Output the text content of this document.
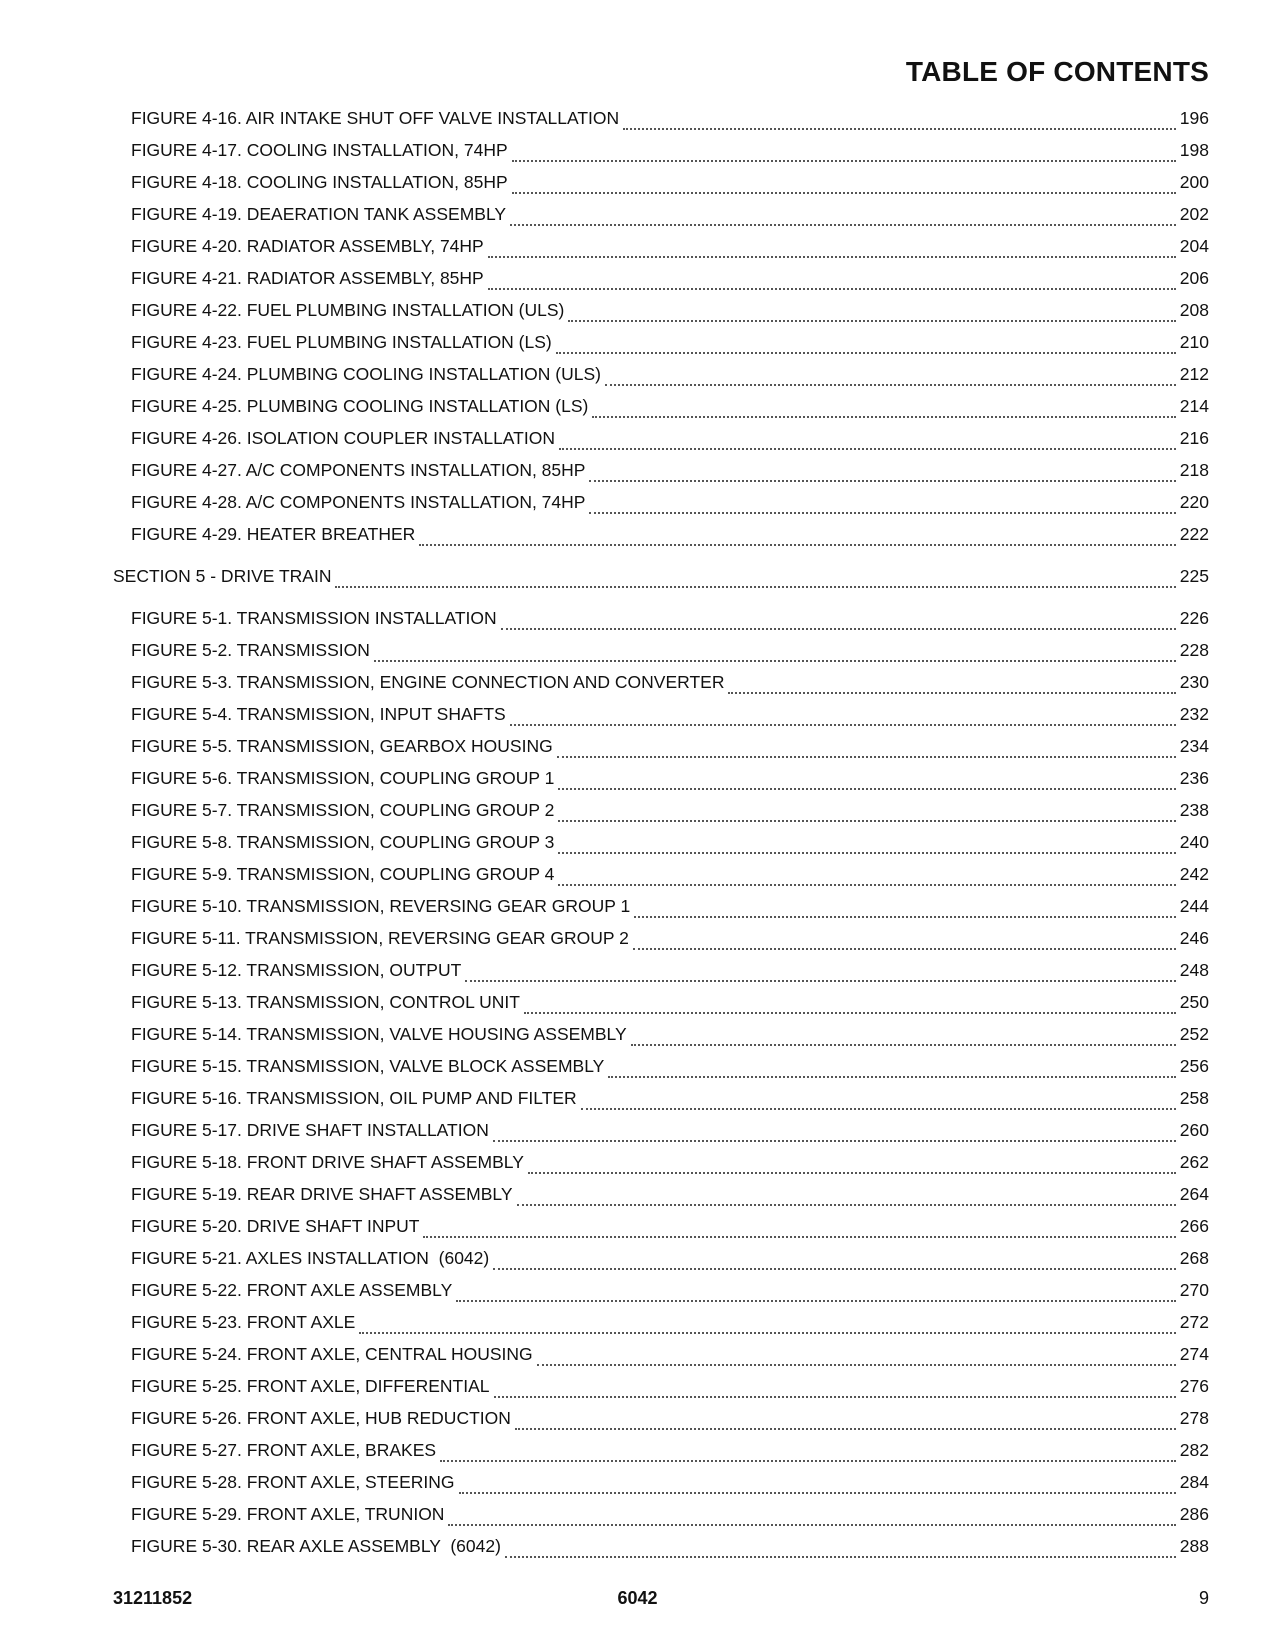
TABLE OF CONTENTS
FIGURE 4-16. AIR INTAKE SHUT OFF VALVE INSTALLATION	196
FIGURE 4-17. COOLING INSTALLATION, 74HP	198
FIGURE 4-18. COOLING INSTALLATION, 85HP	200
FIGURE 4-19. DEAERATION TANK ASSEMBLY	202
FIGURE 4-20. RADIATOR ASSEMBLY, 74HP	204
FIGURE 4-21. RADIATOR ASSEMBLY, 85HP	206
FIGURE 4-22. FUEL PLUMBING INSTALLATION (ULS)	208
FIGURE 4-23. FUEL PLUMBING INSTALLATION (LS)	210
FIGURE 4-24. PLUMBING COOLING INSTALLATION (ULS)	212
FIGURE 4-25. PLUMBING COOLING INSTALLATION (LS)	214
FIGURE 4-26. ISOLATION COUPLER INSTALLATION	216
FIGURE 4-27. A/C COMPONENTS INSTALLATION, 85HP	218
FIGURE 4-28. A/C COMPONENTS INSTALLATION, 74HP	220
FIGURE 4-29. HEATER BREATHER	222
SECTION 5 - DRIVE TRAIN	225
FIGURE 5-1. TRANSMISSION INSTALLATION	226
FIGURE 5-2. TRANSMISSION	228
FIGURE 5-3. TRANSMISSION, ENGINE CONNECTION AND CONVERTER	230
FIGURE 5-4. TRANSMISSION, INPUT SHAFTS	232
FIGURE 5-5. TRANSMISSION, GEARBOX HOUSING	234
FIGURE 5-6. TRANSMISSION, COUPLING GROUP 1	236
FIGURE 5-7. TRANSMISSION, COUPLING GROUP 2	238
FIGURE 5-8. TRANSMISSION, COUPLING GROUP 3	240
FIGURE 5-9. TRANSMISSION, COUPLING GROUP 4	242
FIGURE 5-10. TRANSMISSION, REVERSING GEAR GROUP 1	244
FIGURE 5-11. TRANSMISSION, REVERSING GEAR GROUP 2	246
FIGURE 5-12. TRANSMISSION, OUTPUT	248
FIGURE 5-13. TRANSMISSION, CONTROL UNIT	250
FIGURE 5-14. TRANSMISSION, VALVE HOUSING ASSEMBLY	252
FIGURE 5-15. TRANSMISSION, VALVE BLOCK ASSEMBLY	256
FIGURE 5-16. TRANSMISSION, OIL PUMP AND FILTER	258
FIGURE 5-17. DRIVE SHAFT INSTALLATION	260
FIGURE 5-18. FRONT DRIVE SHAFT ASSEMBLY	262
FIGURE 5-19. REAR DRIVE SHAFT ASSEMBLY	264
FIGURE 5-20. DRIVE SHAFT INPUT	266
FIGURE 5-21. AXLES INSTALLATION  (6042)	268
FIGURE 5-22. FRONT AXLE ASSEMBLY	270
FIGURE 5-23. FRONT AXLE	272
FIGURE 5-24. FRONT AXLE, CENTRAL HOUSING	274
FIGURE 5-25. FRONT AXLE, DIFFERENTIAL	276
FIGURE 5-26. FRONT AXLE, HUB REDUCTION	278
FIGURE 5-27. FRONT AXLE, BRAKES	282
FIGURE 5-28. FRONT AXLE, STEERING	284
FIGURE 5-29. FRONT AXLE, TRUNION	286
FIGURE 5-30. REAR AXLE ASSEMBLY  (6042)	288
31211852	6042	9
